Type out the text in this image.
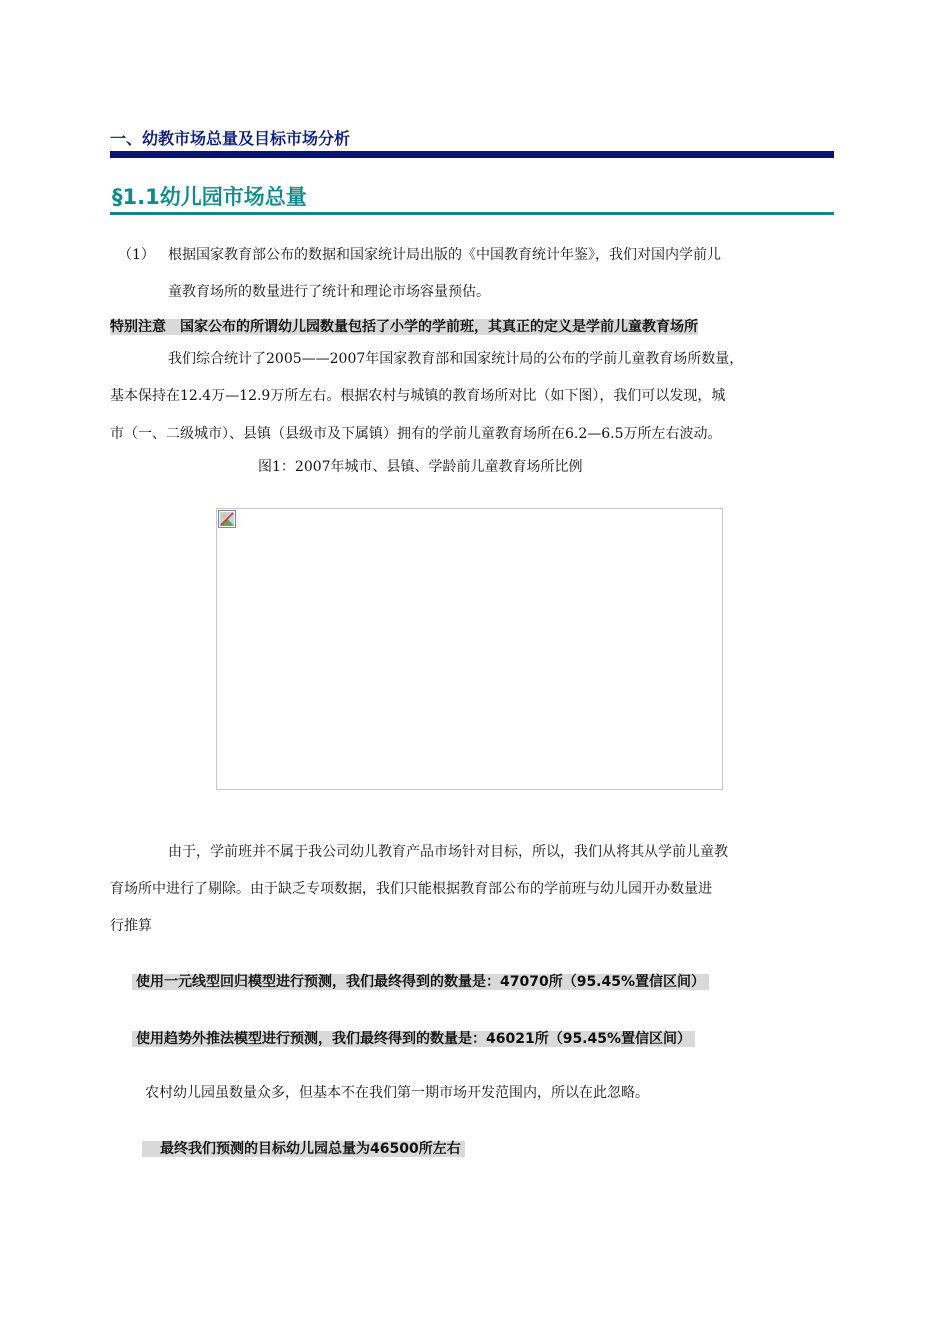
一、幼教市场总量及目标市场分析
§1.1幼儿园市场总量
（1） 根据国家教育部公布的数据和国家统计局出版的《中国教育统计年鉴》，我们对国内学前儿
童教育场所的数量进行了统计和理论市场容量预估。
特别注意　国家公布的所谓幼儿园数量包括了小学的学前班，其真正的定义是学前儿童教育场所
我们综合统计了2005——2007年国家教育部和国家统计局的公布的学前儿童教育场所数量，
基本保持在12.4万—12.9万所左右。根据农村与城镇的教育场所对比（如下图），我们可以发现，城
市（一、二级城市）、县镇（县级市及下属镇）拥有的学前儿童教育场所在6.2—6.5万所左右波动。
图1：2007年城市、县镇、学龄前儿童教育场所比例
由于，学前班并不属于我公司幼儿教育产品市场针对目标，所以，我们从将其从学前儿童教
育场所中进行了剔除。由于缺乏专项数据，我们只能根据教育部公布的学前班与幼儿园开办数量进
行推算
使用一元线型回归模型进行预测，我们最终得到的数量是：47070所（95.45%置信区间）
使用趋势外推法模型进行预测，我们最终得到的数量是：46021所（95.45%置信区间）
农村幼儿园虽数量众多，但基本不在我们第一期市场开发范围内，所以在此忽略。
最终我们预测的目标幼儿园总量为46500所左右
